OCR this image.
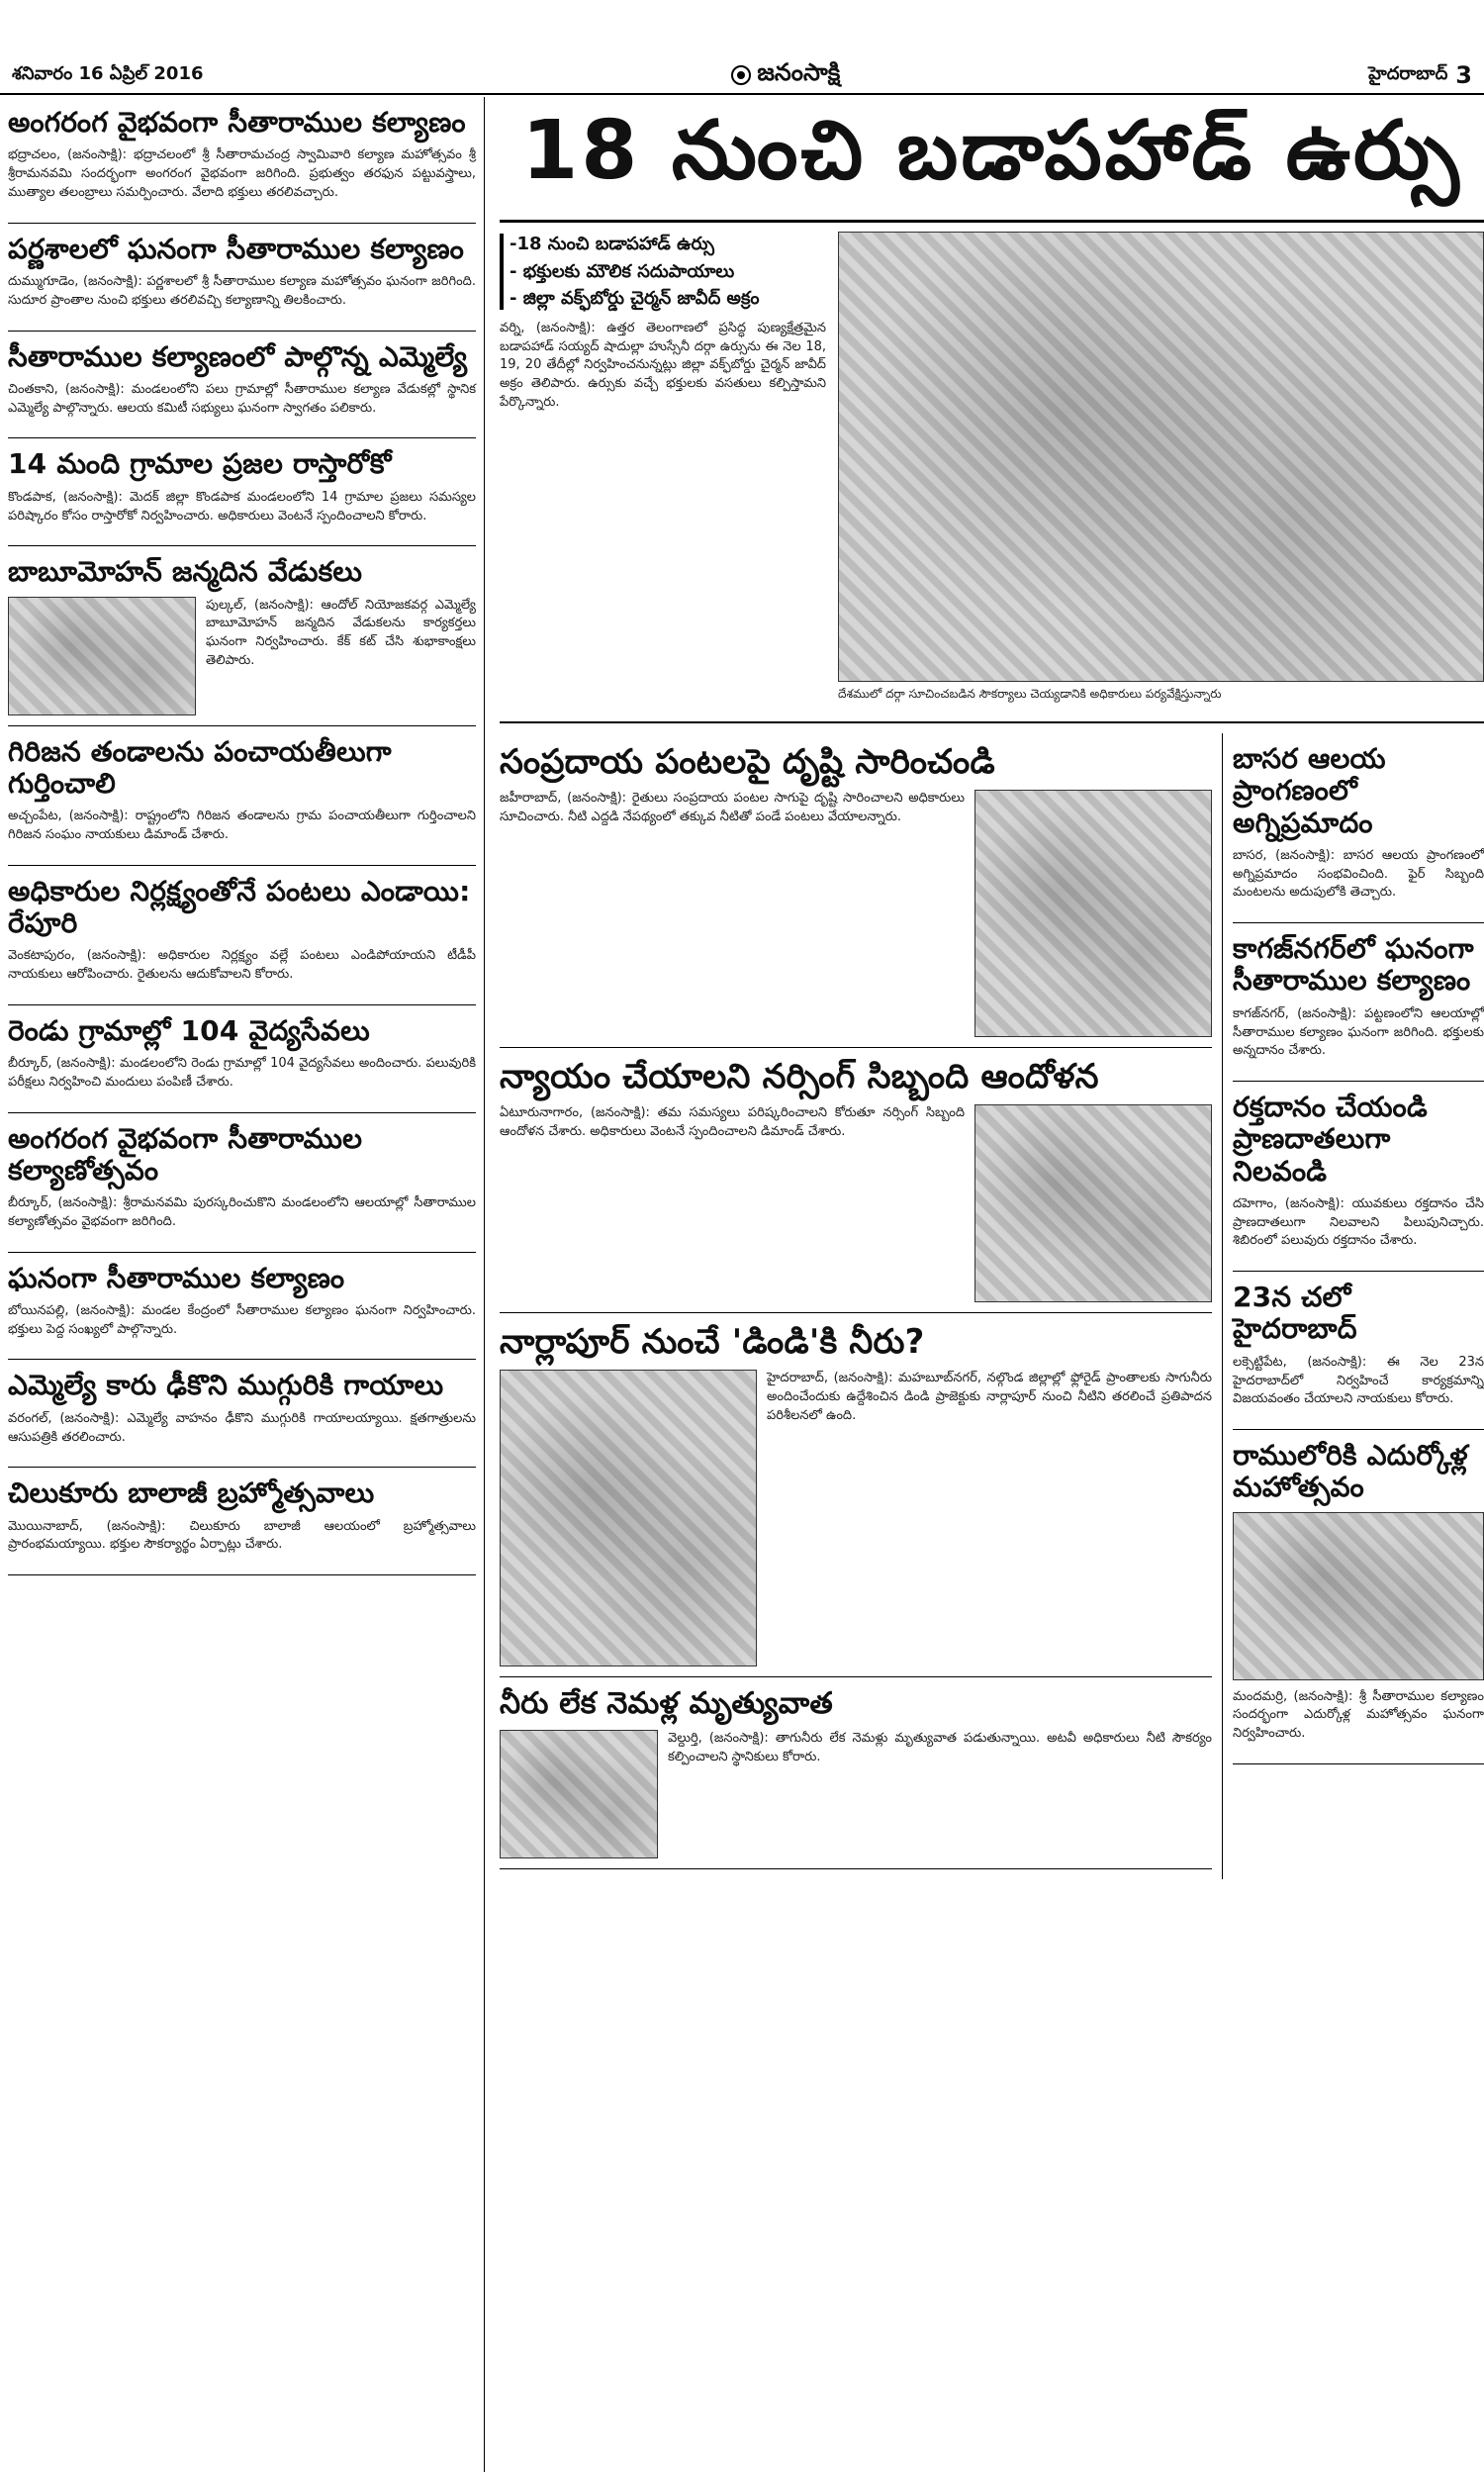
శనివారం 16 ఏప్రిల్ 2016	జనంసాక్షి	హైదరాబాద్ 3
18 నుంచి బడాపహాడ్ ఉర్సు
అంగరంగ వైభవంగా సీతారాముల కల్యాణం

భద్రాచలం, (జనంసాక్షి): భద్రాచలంలో శ్రీ సీతారామచంద్ర స్వామివారి కల్యాణ మహోత్సవం శ్రీ శ్రీరామనవమి సందర్భంగా అంగరంగ వైభవంగా జరిగింది. ప్రభుత్వం తరఫున పట్టువస్త్రాలు, ముత్యాల తలంబ్రాలు సమర్పించారు. వేలాది భక్తులు తరలివచ్చారు.

పర్ణశాలలో ఘనంగా సీతారాముల కల్యాణం

దుమ్ముగూడెం, (జనంసాక్షి): పర్ణశాలలో శ్రీ సీతారాముల కల్యాణ మహోత్సవం ఘనంగా జరిగింది. సుదూర ప్రాంతాల నుంచి భక్తులు తరలివచ్చి కల్యాణాన్ని తిలకించారు.

సీతారాముల కల్యాణంలో పాల్గొన్న ఎమ్మెల్యే

చింతకాని, (జనంసాక్షి): మండలంలోని పలు గ్రామాల్లో సీతారాముల కల్యాణ వేడుకల్లో స్థానిక ఎమ్మెల్యే పాల్గొన్నారు. ఆలయ కమిటీ సభ్యులు ఘనంగా స్వాగతం పలికారు.

14 మంది గ్రామాల ప్రజల రాస్తారోకో

కొండపాక, (జనంసాక్షి): మెదక్ జిల్లా కొండపాక మండలంలోని 14 గ్రామాల ప్రజలు సమస్యల పరిష్కారం కోసం రాస్తారోకో నిర్వహించారు. అధికారులు వెంటనే స్పందించాలని కోరారు.

బాబూమోహన్ జన్మదిన వేడుకలు

పుల్కల్, (జనంసాక్షి): ఆందోల్ నియోజకవర్గ ఎమ్మెల్యే బాబూమోహన్ జన్మదిన వేడుకలను కార్యకర్తలు ఘనంగా నిర్వహించారు. కేక్ కట్ చేసి శుభాకాంక్షలు తెలిపారు.

గిరిజన తండాలను పంచాయతీలుగా గుర్తించాలి

అచ్చంపేట, (జనంసాక్షి): రాష్ట్రంలోని గిరిజన తండాలను గ్రామ పంచాయతీలుగా గుర్తించాలని గిరిజన సంఘం నాయకులు డిమాండ్ చేశారు.

అధికారుల నిర్లక్ష్యంతోనే పంటలు ఎండాయి: రేపూరి

వెంకటాపురం, (జనంసాక్షి): అధికారుల నిర్లక్ష్యం వల్లే పంటలు ఎండిపోయాయని టీడీపీ నాయకులు ఆరోపించారు. రైతులను ఆదుకోవాలని కోరారు.

రెండు గ్రామాల్లో 104 వైద్యసేవలు

బీర్కూర్, (జనంసాక్షి): మండలంలోని రెండు గ్రామాల్లో 104 వైద్యసేవలు అందించారు. పలువురికి పరీక్షలు నిర్వహించి మందులు పంపిణీ చేశారు.

అంగరంగ వైభవంగా సీతారాముల కల్యాణోత్సవం

బీర్కూర్, (జనంసాక్షి): శ్రీరామనవమి పురస్కరించుకొని మండలంలోని ఆలయాల్లో సీతారాముల కల్యాణోత్సవం వైభవంగా జరిగింది.

ఘనంగా సీతారాముల కల్యాణం

బోయినపల్లి, (జనంసాక్షి): మండల కేంద్రంలో సీతారాముల కల్యాణం ఘనంగా నిర్వహించారు. భక్తులు పెద్ద సంఖ్యలో పాల్గొన్నారు.

ఎమ్మెల్యే కారు ఢీకొని ముగ్గురికి గాయాలు

వరంగల్, (జనంసాక్షి): ఎమ్మెల్యే వాహనం ఢీకొని ముగ్గురికి గాయాలయ్యాయి. క్షతగాత్రులను ఆసుపత్రికి తరలించారు.

చిలుకూరు బాలాజీ బ్రహ్మోత్సవాలు

మొయినాబాద్, (జనంసాక్షి): చిలుకూరు బాలాజీ ఆలయంలో బ్రహ్మోత్సవాలు ప్రారంభమయ్యాయి. భక్తుల సౌకర్యార్థం ఏర్పాట్లు చేశారు.

-18 నుంచి బడాపహాడ్ ఉర్సు
- భక్తులకు మౌలిక సదుపాయాలు
- జిల్లా వక్ఫ్‌బోర్డు చైర్మన్ జావీద్ అక్రం

వర్ని, (జనంసాక్షి): ఉత్తర తెలంగాణలో ప్రసిద్ధ పుణ్యక్షేత్రమైన బడాపహాడ్ సయ్యద్ షాదుల్లా హుస్సేనీ దర్గా ఉర్సును ఈ నెల 18, 19, 20 తేదీల్లో నిర్వహించనున్నట్లు జిల్లా వక్ఫ్‌బోర్డు చైర్మన్ జావీద్ అక్రం తెలిపారు. ఉర్సుకు వచ్చే భక్తులకు వసతులు కల్పిస్తామని పేర్కొన్నారు.

దేశములో దర్గా సూచించబడిన సౌకర్యాలు చెయ్యడానికి అధికారులు పర్యవేక్షిస్తున్నారు

సంప్రదాయ పంటలపై దృష్టి సారించండి

జహీరాబాద్, (జనంసాక్షి): రైతులు సంప్రదాయ పంటల సాగుపై దృష్టి సారించాలని అధికారులు సూచించారు. నీటి ఎద్దడి నేపథ్యంలో తక్కువ నీటితో పండే పంటలు వేయాలన్నారు.

న్యాయం చేయాలని నర్సింగ్ సిబ్బంది ఆందోళన

ఏటూరునాగారం, (జనంసాక్షి): తమ సమస్యలు పరిష్కరించాలని కోరుతూ నర్సింగ్ సిబ్బంది ఆందోళన చేశారు. అధికారులు వెంటనే స్పందించాలని డిమాండ్ చేశారు.

నార్లాపూర్ నుంచే 'డిండి'కి నీరు?

హైదరాబాద్, (జనంసాక్షి): మహబూబ్‌నగర్, నల్గొండ జిల్లాల్లో ఫ్లోరైడ్ ప్రాంతాలకు సాగునీరు అందించేందుకు ఉద్దేశించిన డిండి ప్రాజెక్టుకు నార్లాపూర్ నుంచి నీటిని తరలించే ప్రతిపాదన పరిశీలనలో ఉంది.

నీరు లేక నెమళ్ల మృత్యువాత

వెల్దుర్తి, (జనంసాక్షి): తాగునీరు లేక నెమళ్లు మృత్యువాత పడుతున్నాయి. అటవీ అధికారులు నీటి సౌకర్యం కల్పించాలని స్థానికులు కోరారు.

బాసర ఆలయ ప్రాంగణంలో అగ్నిప్రమాదం

బాసర, (జనంసాక్షి): బాసర ఆలయ ప్రాంగణంలో అగ్నిప్రమాదం సంభవించింది. ఫైర్ సిబ్బంది మంటలను అదుపులోకి తెచ్చారు.

కాగజ్‌నగర్‌లో ఘనంగా సీతారాముల కల్యాణం

కాగజ్‌నగర్, (జనంసాక్షి): పట్టణంలోని ఆలయాల్లో సీతారాముల కల్యాణం ఘనంగా జరిగింది. భక్తులకు అన్నదానం చేశారు.

రక్తదానం చేయండి ప్రాణదాతలుగా నిలవండి

దహెగాం, (జనంసాక్షి): యువకులు రక్తదానం చేసి ప్రాణదాతలుగా నిలవాలని పిలుపునిచ్చారు. శిబిరంలో పలువురు రక్తదానం చేశారు.

23న చలో హైదరాబాద్

లక్సెట్టిపేట, (జనంసాక్షి): ఈ నెల 23న హైదరాబాద్‌లో నిర్వహించే కార్యక్రమాన్ని విజయవంతం చేయాలని నాయకులు కోరారు.

రాములోరికి ఎదుర్కోళ్ల మహోత్సవం

మందమర్రి, (జనంసాక్షి): శ్రీ సీతారాముల కల్యాణం సందర్భంగా ఎదుర్కోళ్ల మహోత్సవం ఘనంగా నిర్వహించారు.
